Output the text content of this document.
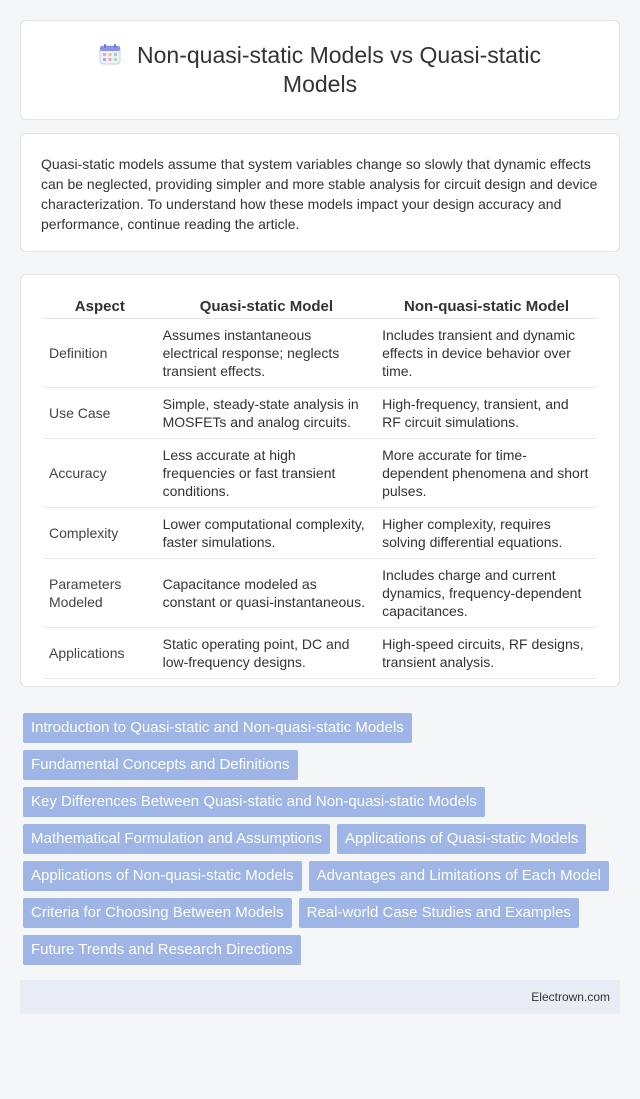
Non-quasi-static Models vs Quasi-static Models
Quasi-static models assume that system variables change so slowly that dynamic effects can be neglected, providing simpler and more stable analysis for circuit design and device characterization. To understand how these models impact your design accuracy and performance, continue reading the article.
Aspect	Quasi-static Model	Non-quasi-static Model
Definition	Assumes instantaneous electrical response; neglects transient effects.	Includes transient and dynamic effects in device behavior over time.
Use Case	Simple, steady-state analysis in MOSFETs and analog circuits.	High-frequency, transient, and RF circuit simulations.
Accuracy	Less accurate at high frequencies or fast transient conditions.	More accurate for time-dependent phenomena and short pulses.
Complexity	Lower computational complexity, faster simulations.	Higher complexity, requires solving differential equations.
Parameters Modeled	Capacitance modeled as constant or quasi-instantaneous.	Includes charge and current dynamics, frequency-dependent capacitances.
Applications	Static operating point, DC and low-frequency designs.	High-speed circuits, RF designs, transient analysis.
Introduction to Quasi-static and Non-quasi-static Models
Fundamental Concepts and Definitions
Key Differences Between Quasi-static and Non-quasi-static Models
Mathematical Formulation and Assumptions	Applications of Quasi-static Models
Applications of Non-quasi-static Models	Advantages and Limitations of Each Model
Criteria for Choosing Between Models	Real-world Case Studies and Examples
Future Trends and Research Directions
Electrown.com
